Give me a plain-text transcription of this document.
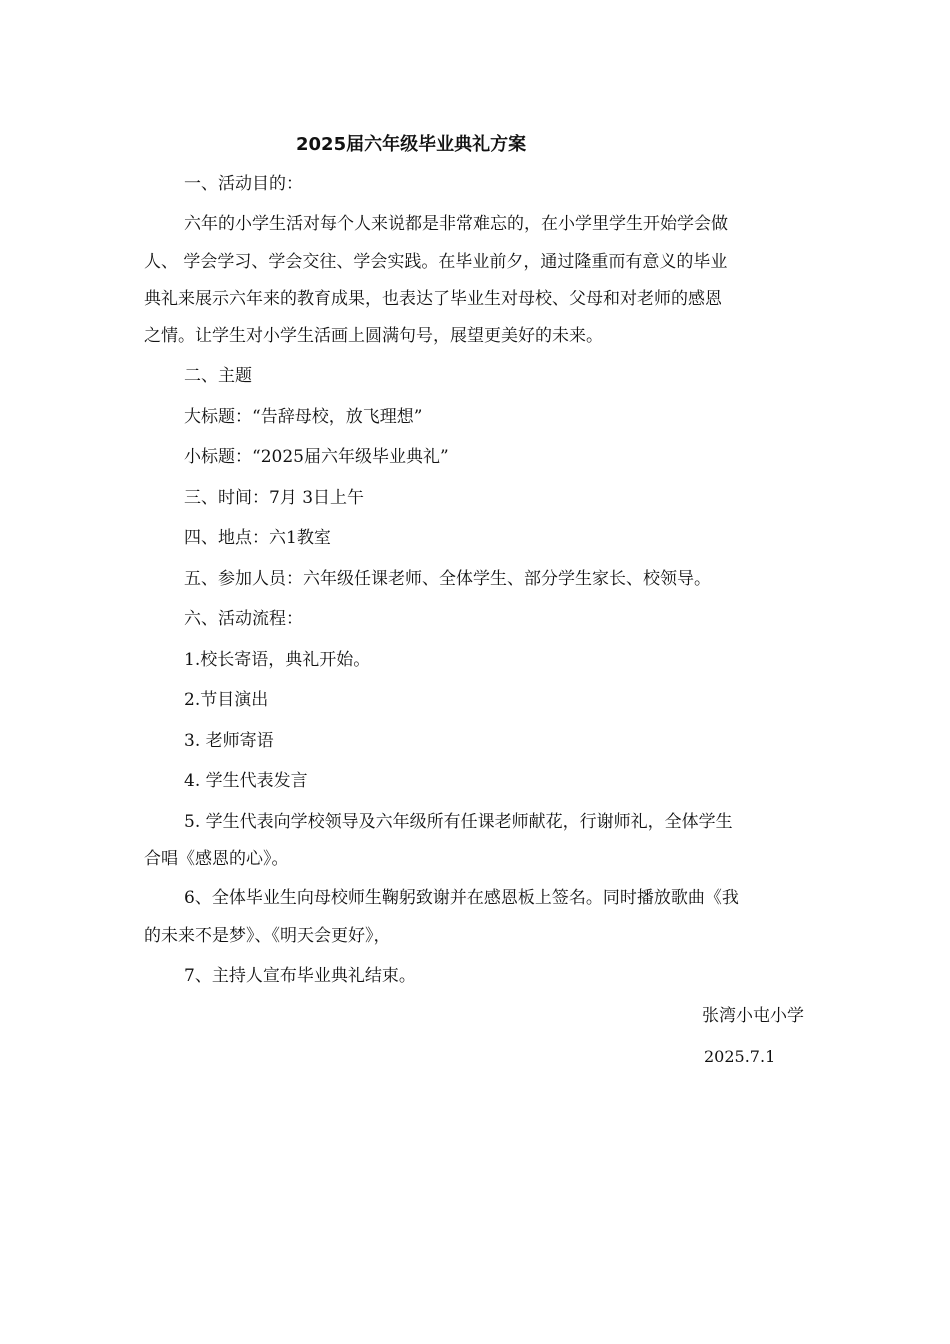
2025届六年级毕业典礼方案
一、活动目的：
六年的小学生活对每个人来说都是非常难忘的，在小学里学生开始学会做
人、 学会学习、学会交往、学会实践。在毕业前夕，通过隆重而有意义的毕业
典礼来展示六年来的教育成果，也表达了毕业生对母校、父母和对老师的感恩
之情。让学生对小学生活画上圆满句号，展望更美好的未来。
二、主题
大标题：“告辞母校，放飞理想”
小标题：“2025届六年级毕业典礼”
三、时间：7月 3日上午
四、地点：六1教室
五、参加人员：六年级任课老师、全体学生、部分学生家长、校领导。
六、活动流程：
1.校长寄语，典礼开始。
2.节目演出
3. 老师寄语
4. 学生代表发言
5. 学生代表向学校领导及六年级所有任课老师献花，行谢师礼，全体学生
合唱《感恩的心》。
6、全体毕业生向母校师生鞠躬致谢并在感恩板上签名。同时播放歌曲《我
的未来不是梦》、《明天会更好》，
7、主持人宣布毕业典礼结束。
张湾小屯小学
2025.7.1
